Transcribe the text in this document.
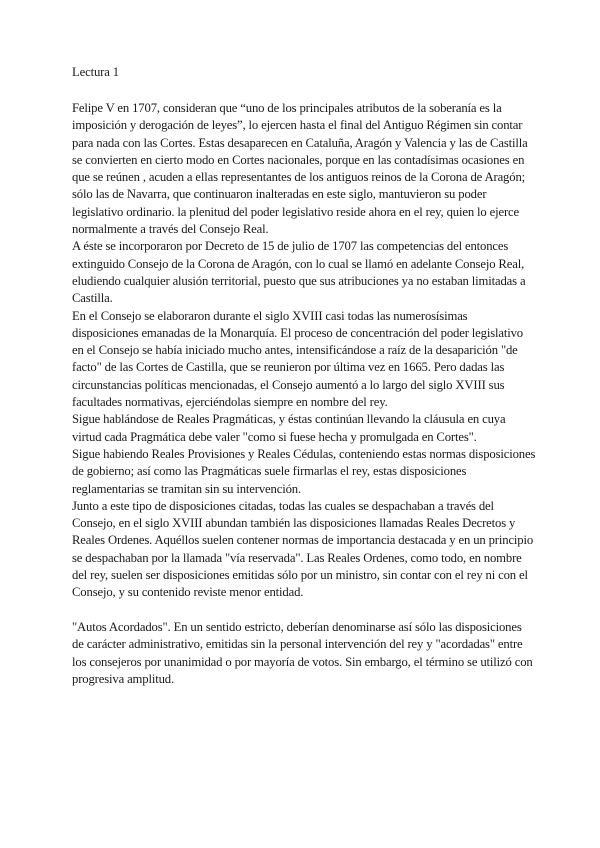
Lectura 1
Felipe V en 1707, consideran que “uno de los principales atributos de la soberanía es la
imposición y derogación de leyes”, lo ejercen hasta el final del Antiguo Régimen sin contar
para nada con las Cortes. Estas desaparecen en Cataluña, Aragón y Valencia y las de Castilla
se convierten en cierto modo en Cortes nacionales, porque en las contadísimas ocasiones en
que se reúnen , acuden a ellas representantes de los antiguos reinos de la Corona de Aragón;
sólo las de Navarra, que continuaron inalteradas en este siglo, mantuvieron su poder
legislativo ordinario. la plenitud del poder legislativo reside ahora en el rey, quien lo ejerce
normalmente a través del Consejo Real.
A éste se incorporaron por Decreto de 15 de julio de 1707 las competencias del entonces
extinguido Consejo de la Corona de Aragón, con lo cual se llamó en adelante Consejo Real,
eludiendo cualquier alusión territorial, puesto que sus atribuciones ya no estaban limitadas a
Castilla.
En el Consejo se elaboraron durante el siglo XVIII casi todas las numerosísimas
disposiciones emanadas de la Monarquía. El proceso de concentración del poder legislativo
en el Consejo se había iniciado mucho antes, intensificándose a raíz de la desaparición "de
facto" de las Cortes de Castilla, que se reunieron por última vez en 1665. Pero dadas las
circunstancias políticas mencionadas, el Consejo aumentó a lo largo del siglo XVIII sus
facultades normativas, ejerciéndolas siempre en nombre del rey.
Sigue hablándose de Reales Pragmáticas, y éstas continúan llevando la cláusula en cuya
virtud cada Pragmática debe valer "como si fuese hecha y promulgada en Cortes".
Sigue habiendo Reales Provisiones y Reales Cédulas, conteniendo estas normas disposiciones
de gobierno; así como las Pragmáticas suele firmarlas el rey, estas disposiciones
reglamentarias se tramitan sin su intervención.
Junto a este tipo de disposiciones citadas, todas las cuales se despachaban a través del
Consejo, en el siglo XVIII abundan también las disposiciones llamadas Reales Decretos y
Reales Ordenes. Aquéllos suelen contener normas de importancia destacada y en un principio
se despachaban por la llamada "vía reservada". Las Reales Ordenes, como todo, en nombre
del rey, suelen ser disposiciones emitidas sólo por un ministro, sin contar con el rey ni con el
Consejo, y su contenido reviste menor entidad.
"Autos Acordados". En un sentido estricto, deberían denominarse así sólo las disposiciones
de carácter administrativo, emitidas sin la personal intervención del rey y "acordadas" entre
los consejeros por unanimidad o por mayoría de votos. Sin embargo, el término se utilizó con
progresiva amplitud.
